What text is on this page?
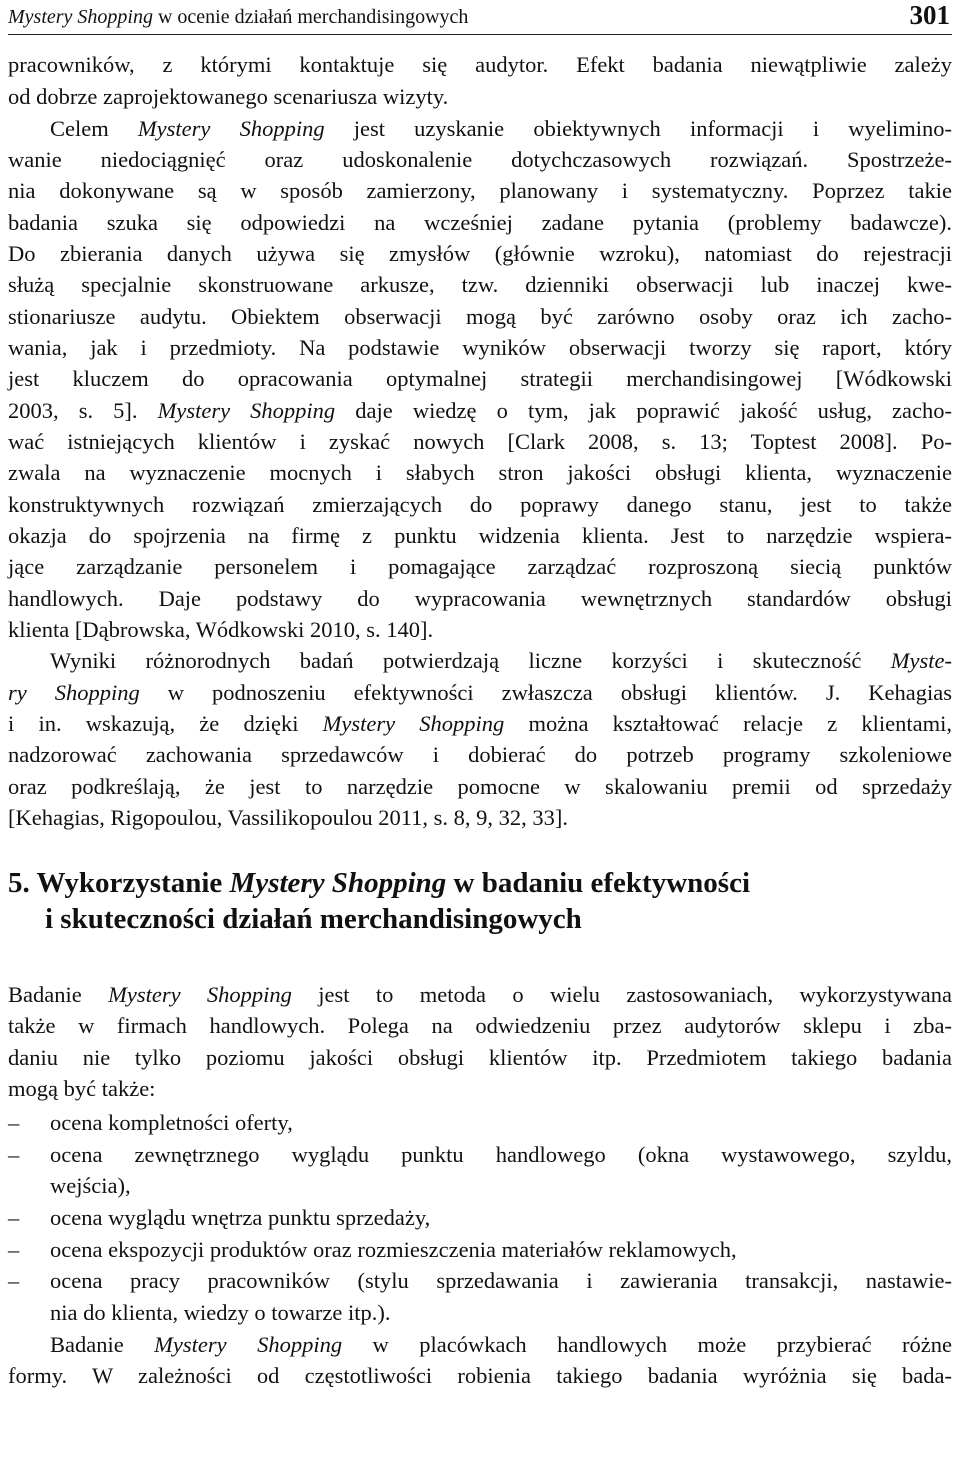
Mystery Shopping w ocenie działań merchandisingowych	301
pracowników, z którymi kontaktuje się audytor. Efekt badania niewątpliwie zależy
od dobrze zaprojektowanego scenariusza wizyty.
Celem Mystery Shopping jest uzyskanie obiektywnych informacji i wyelimino-
wanie niedociągnięć oraz udoskonalenie dotychczasowych rozwiązań. Spostrzeże-
nia dokonywane są w sposób zamierzony, planowany i systematyczny. Poprzez takie
badania szuka się odpowiedzi na wcześniej zadane pytania (problemy badawcze).
Do zbierania danych używa się zmysłów (głównie wzroku), natomiast do rejestracji
służą specjalnie skonstruowane arkusze, tzw. dzienniki obserwacji lub inaczej kwe-
stionariusze audytu. Obiektem obserwacji mogą być zarówno osoby oraz ich zacho-
wania, jak i przedmioty. Na podstawie wyników obserwacji tworzy się raport, który
jest kluczem do opracowania optymalnej strategii merchandisingowej [Wódkowski
2003, s. 5]. Mystery Shopping daje wiedzę o tym, jak poprawić jakość usług, zacho-
wać istniejących klientów i zyskać nowych [Clark 2008, s. 13; Toptest 2008]. Po-
zwala na wyznaczenie mocnych i słabych stron jakości obsługi klienta, wyznaczenie
konstruktywnych rozwiązań zmierzających do poprawy danego stanu, jest to także
okazja do spojrzenia na firmę z punktu widzenia klienta. Jest to narzędzie wspiera-
jące zarządzanie personelem i pomagające zarządzać rozproszoną siecią punktów
handlowych. Daje podstawy do wypracowania wewnętrznych standardów obsługi
klienta [Dąbrowska, Wódkowski 2010, s. 140].
Wyniki różnorodnych badań potwierdzają liczne korzyści i skuteczność Myste-
ry Shopping w podnoszeniu efektywności zwłaszcza obsługi klientów. J. Kehagias
i in. wskazują, że dzięki Mystery Shopping można kształtować relacje z klientami,
nadzorować zachowania sprzedawców i dobierać do potrzeb programy szkoleniowe
oraz podkreślają, że jest to narzędzie pomocne w skalowaniu premii od sprzedaży
[Kehagias, Rigopoulou, Vassilikopoulou 2011, s. 8, 9, 32, 33].
5. Wykorzystanie Mystery Shopping w badaniu efektywności
i skuteczności działań merchandisingowych
Badanie Mystery Shopping jest to metoda o wielu zastosowaniach, wykorzystywana
także w firmach handlowych. Polega na odwiedzeniu przez audytorów sklepu i zba-
daniu nie tylko poziomu jakości obsługi klientów itp. Przedmiotem takiego badania
mogą być także:
–	ocena kompletności oferty,
–	ocena zewnętrznego wyglądu punktu handlowego (okna wystawowego, szyldu,
wejścia),
–	ocena wyglądu wnętrza punktu sprzedaży,
–	ocena ekspozycji produktów oraz rozmieszczenia materiałów reklamowych,
–	ocena pracy pracowników (stylu sprzedawania i zawierania transakcji, nastawie-
nia do klienta, wiedzy o towarze itp.).
Badanie Mystery Shopping w placówkach handlowych może przybierać różne
formy. W zależności od częstotliwości robienia takiego badania wyróżnia się bada-
